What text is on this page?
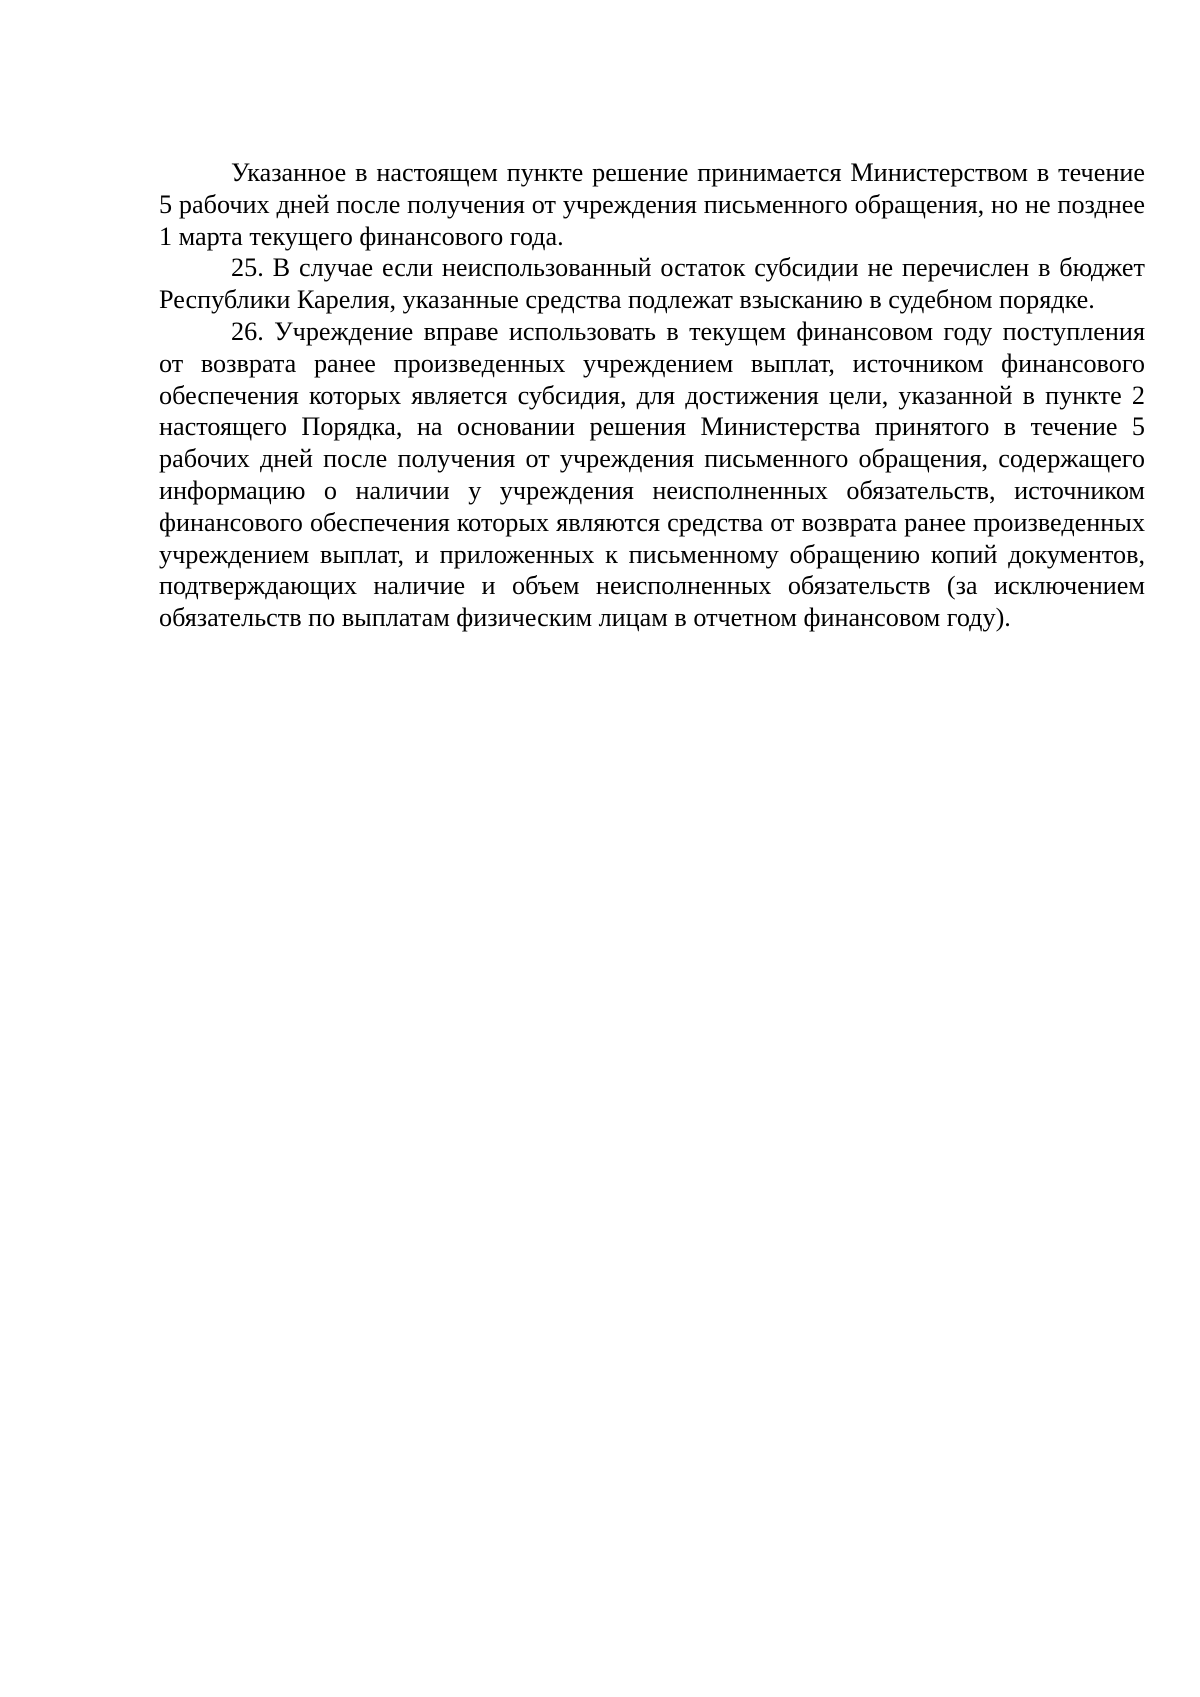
Указанное в настоящем пункте решение принимается Министерством в течение 5 рабочих дней после получения от учреждения письменного обращения, но не позднее 1 марта текущего финансового года.

25. В случае если неиспользованный остаток субсидии не перечислен в бюджет Республики Карелия, указанные средства подлежат взысканию в судебном порядке.

26. Учреждение вправе использовать в текущем финансовом году поступления от возврата ранее произведенных учреждением выплат, источником финансового обеспечения которых является субсидия, для достижения цели, указанной в пункте 2 настоящего Порядка, на основании решения Министерства принятого в течение 5 рабочих дней после получения от учреждения письменного обращения, содержащего информацию о наличии у учреждения неисполненных обязательств, источником финансового обеспечения которых являются средства от возврата ранее произведенных учреждением выплат, и приложенных к письменному обращению копий документов, подтверждающих наличие и объем неисполненных обязательств (за исключением обязательств по выплатам физическим лицам в отчетном финансовом году).
